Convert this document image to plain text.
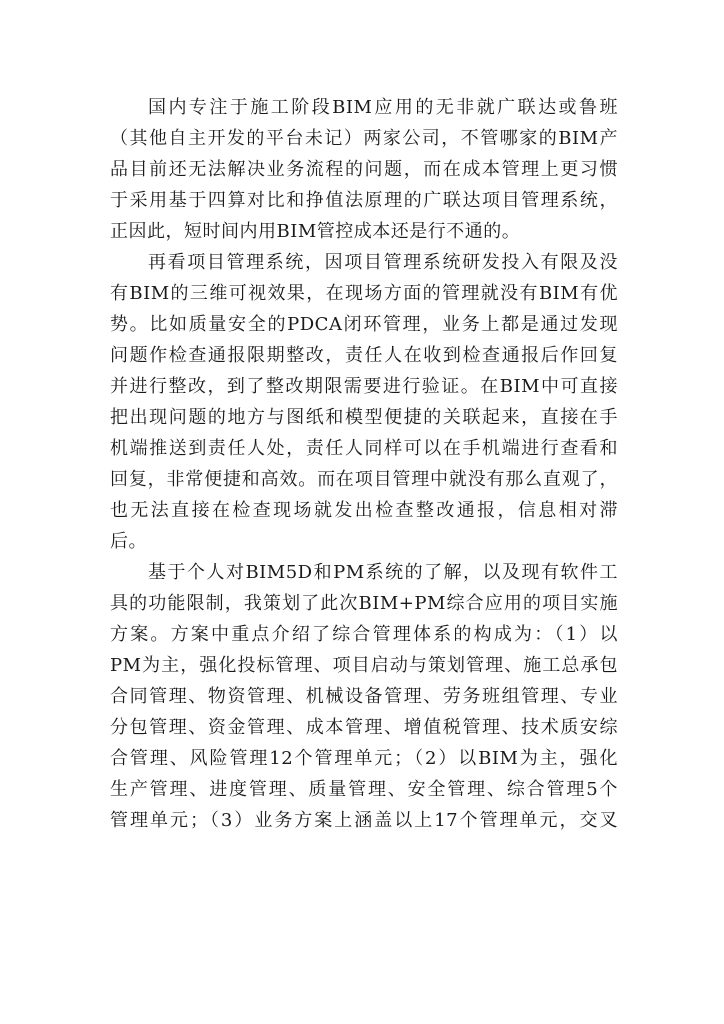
国内专注于施工阶段BIM应用的无非就广联达或鲁班
（其他自主开发的平台未记）两家公司，不管哪家的BIM产
品目前还无法解决业务流程的问题，而在成本管理上更习惯
于采用基于四算对比和挣值法原理的广联达项目管理系统，
正因此，短时间内用BIM管控成本还是行不通的。
再看项目管理系统，因项目管理系统研发投入有限及没
有BIM的三维可视效果，在现场方面的管理就没有BIM有优
势。比如质量安全的PDCA闭环管理，业务上都是通过发现
问题作检查通报限期整改，责任人在收到检查通报后作回复
并进行整改，到了整改期限需要进行验证。在BIM中可直接
把出现问题的地方与图纸和模型便捷的关联起来，直接在手
机端推送到责任人处，责任人同样可以在手机端进行查看和
回复，非常便捷和高效。而在项目管理中就没有那么直观了，
也无法直接在检查现场就发出检查整改通报，信息相对滞
后。
基于个人对BIM5D和PM系统的了解，以及现有软件工
具的功能限制，我策划了此次BIM+PM综合应用的项目实施
方案。方案中重点介绍了综合管理体系的构成为：（1）以
PM为主，强化投标管理、项目启动与策划管理、施工总承包
合同管理、物资管理、机械设备管理、劳务班组管理、专业
分包管理、资金管理、成本管理、增值税管理、技术质安综
合管理、风险管理12个管理单元；（2）以BIM为主，强化
生产管理、进度管理、质量管理、安全管理、综合管理5个
管理单元；（3）业务方案上涵盖以上17个管理单元，交叉
